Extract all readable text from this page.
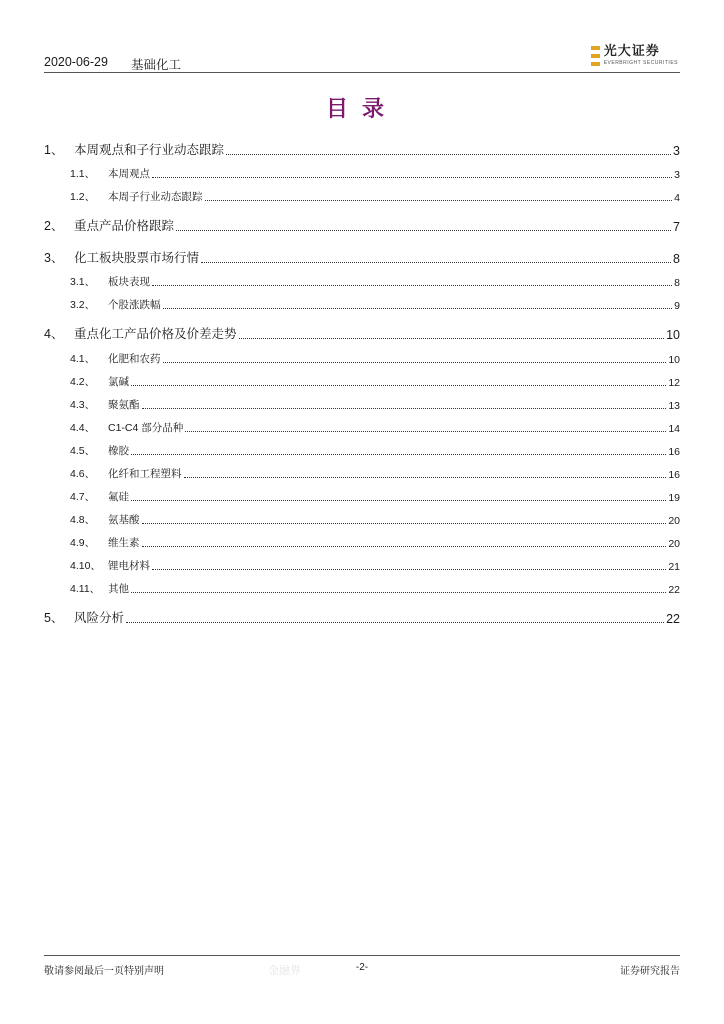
2020-06-29 基础化工
光大证券
EVERBRIGHT SECURITIES
目录
1、 本周观点和子行业动态跟踪	3
1.1、	本周观点	3
1.2、	本周子行业动态跟踪	4
2、 重点产品价格跟踪	7
3、 化工板块股票市场行情	8
3.1、	板块表现	8
3.2、	个股涨跌幅	9
4、 重点化工产品价格及价差走势	10
4.1、	化肥和农药	10
4.2、	氯碱	12
4.3、	聚氨酯	13
4.4、	C1-C4 部分品种	14
4.5、	橡胶	16
4.6、	化纤和工程塑料	16
4.7、	氟硅	19
4.8、	氨基酸	20
4.9、	维生素	20
4.10、 锂电材料	21
4.11、 其他	22
5、 风险分析	22
敬请参阅最后一页特别声明	金融界	-2-	证券研究报告
